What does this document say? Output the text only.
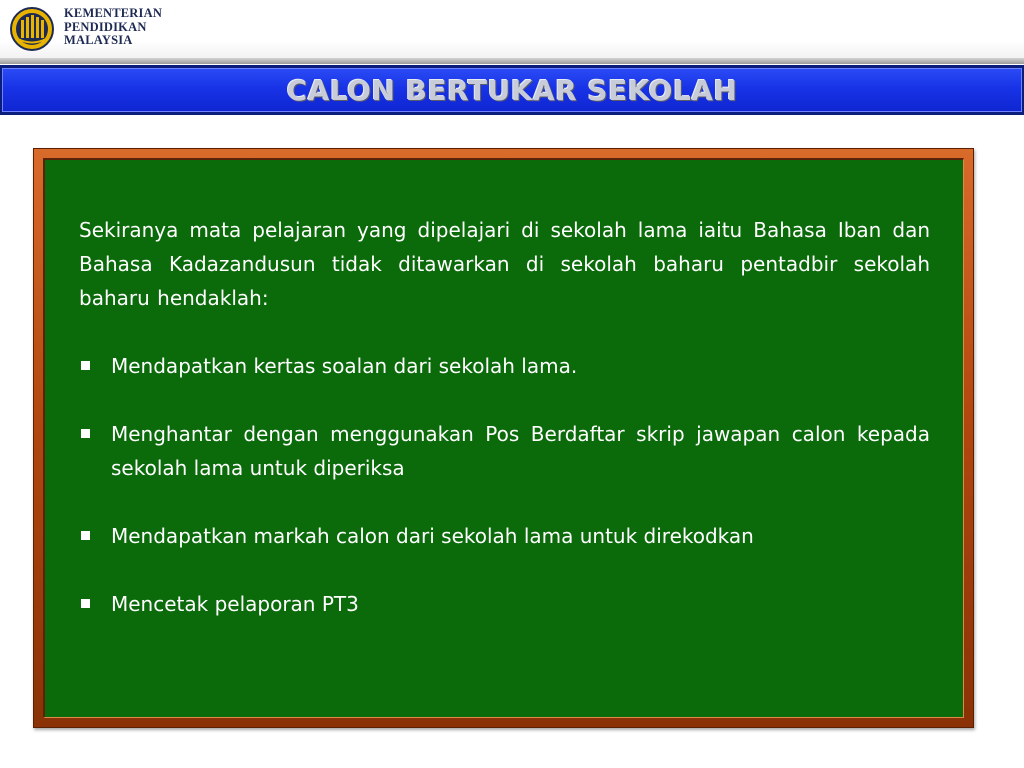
KEMENTERIAN
PENDIDIKAN
MALAYSIA
CALON BERTUKAR SEKOLAH

Sekiranya mata pelajaran yang dipelajari di sekolah lama iaitu Bahasa Iban dan Bahasa Kadazandusun tidak ditawarkan di sekolah baharu pentadbir sekolah baharu hendaklah:

Mendapatkan kertas soalan dari sekolah lama.
Menghantar dengan menggunakan Pos Berdaftar skrip jawapan calon kepada sekolah lama untuk diperiksa
Mendapatkan markah calon dari sekolah lama untuk direkodkan
Mencetak pelaporan PT3
